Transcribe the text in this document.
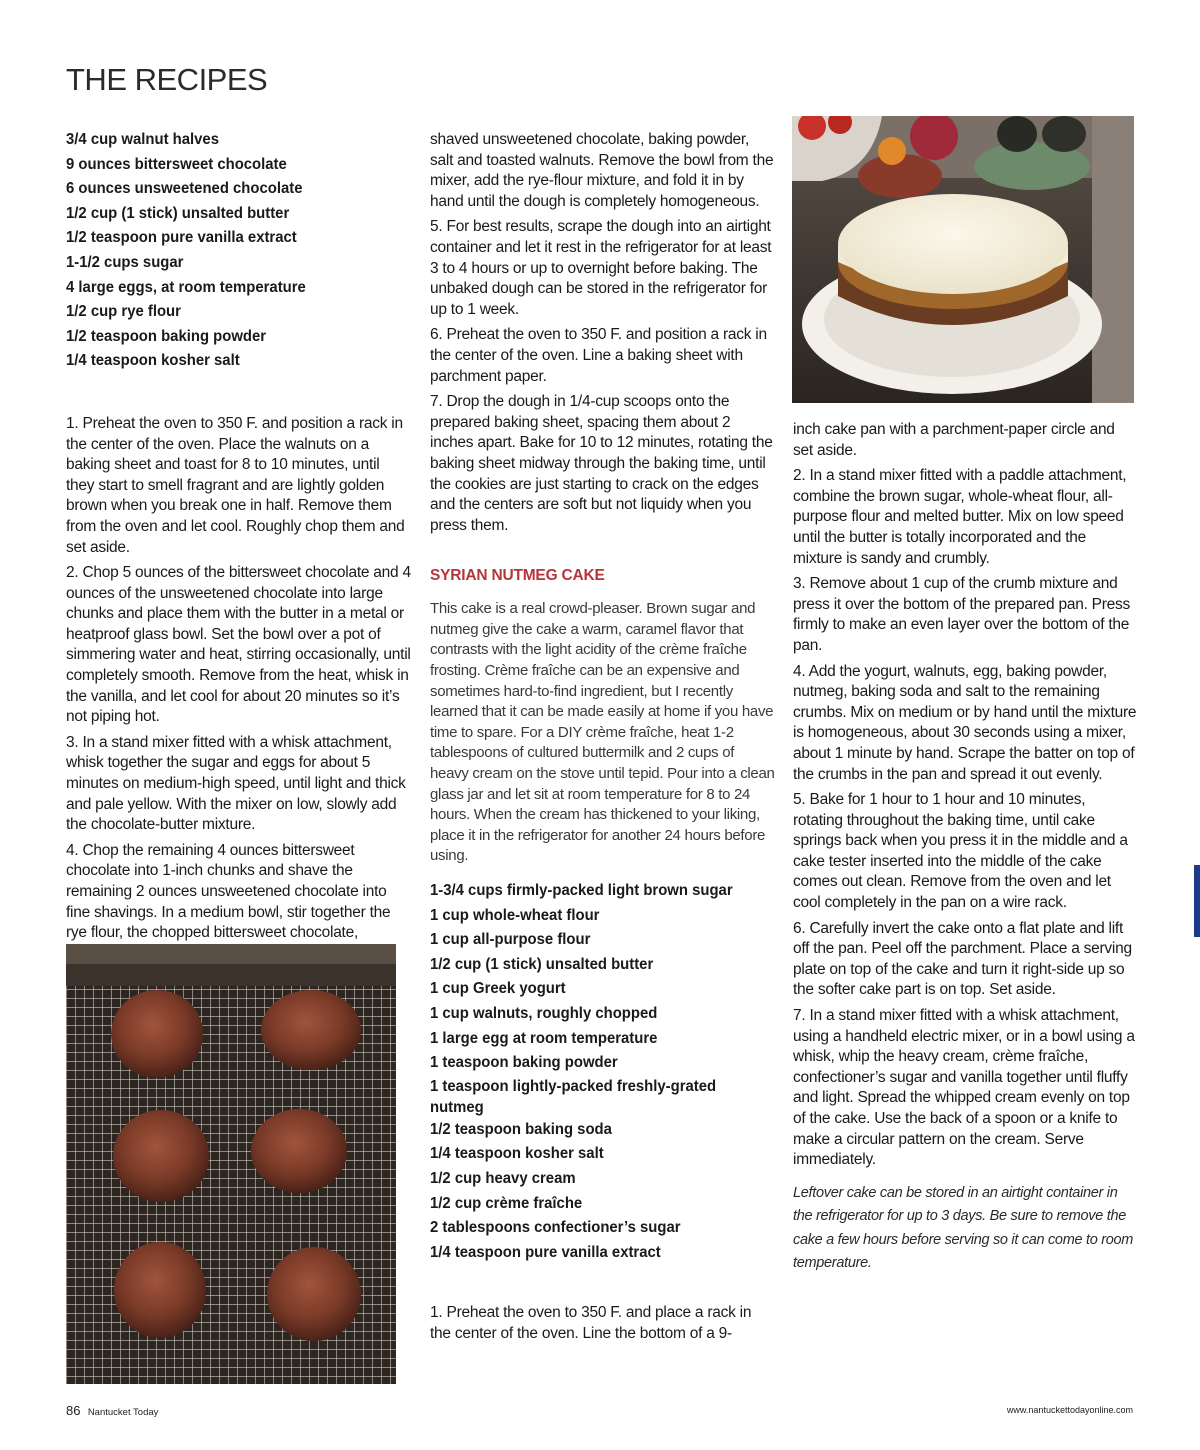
THE RECIPES
3/4 cup walnut halves
9 ounces bittersweet chocolate
6 ounces unsweetened chocolate
1/2 cup (1 stick) unsalted butter
1/2 teaspoon pure vanilla extract
1-1/2 cups sugar
4 large eggs, at room temperature
1/2 cup rye flour
1/2 teaspoon baking powder
1/4 teaspoon kosher salt

1. Preheat the oven to 350 F. and position a rack in the center of the oven. Place the walnuts on a baking sheet and toast for 8 to 10 minutes, until they start to smell fragrant and are lightly golden brown when you break one in half. Remove them from the oven and let cool. Roughly chop them and set aside.

2. Chop 5 ounces of the bittersweet chocolate and 4 ounces of the unsweetened chocolate into large chunks and place them with the butter in a metal or heatproof glass bowl. Set the bowl over a pot of simmering water and heat, stirring occasionally, until completely smooth. Remove from the heat, whisk in the vanilla, and let cool for about 20 minutes so it’s not piping hot.

3. In a stand mixer fitted with a whisk attachment, whisk together the sugar and eggs for about 5 minutes on medium-high speed, until light and thick and pale yellow. With the mixer on low, slowly add the chocolate-butter mixture.

4. Chop the remaining 4 ounces bittersweet chocolate into 1-inch chunks and shave the remaining 2 ounces unsweetened chocolate into fine shavings. In a medium bowl, stir together the rye flour, the chopped bittersweet chocolate,

shaved unsweetened chocolate, baking powder, salt and toasted walnuts. Remove the bowl from the mixer, add the rye-flour mixture, and fold it in by hand until the dough is completely homogeneous.

5. For best results, scrape the dough into an airtight container and let it rest in the refrigerator for at least 3 to 4 hours or up to overnight before baking. The unbaked dough can be stored in the refrigerator for up to 1 week.

6. Preheat the oven to 350 F. and position a rack in the center of the oven. Line a baking sheet with parchment paper.

7. Drop the dough in 1/4-cup scoops onto the prepared baking sheet, spacing them about 2 inches apart. Bake for 10 to 12 minutes, rotating the baking sheet midway through the baking time, until the cookies are just starting to crack on the edges and the centers are soft but not liquidy when you press them.

SYRIAN NUTMEG CAKE

This cake is a real crowd-pleaser. Brown sugar and nutmeg give the cake a warm, caramel flavor that contrasts with the light acidity of the crème fraîche frosting. Crème fraîche can be an expensive and sometimes hard-to-find ingredient, but I recently learned that it can be made easily at home if you have time to spare. For a DIY crème fraîche, heat 1-2 tablespoons of cultured buttermilk and 2 cups of heavy cream on the stove until tepid. Pour into a clean glass jar and let sit at room temperature for 8 to 24 hours. When the cream has thickened to your liking, place it in the refrigerator for another 24 hours before using.

1-3/4 cups firmly-packed light brown sugar
1 cup whole-wheat flour
1 cup all-purpose flour
1/2 cup (1 stick) unsalted butter
1 cup Greek yogurt
1 cup walnuts, roughly chopped
1 large egg at room temperature
1 teaspoon baking powder
1 teaspoon lightly-packed freshly-grated nutmeg
1/2 teaspoon baking soda
1/4 teaspoon kosher salt
1/2 cup heavy cream
1/2 cup crème fraîche
2 tablespoons confectioner’s sugar
1/4 teaspoon pure vanilla extract

1. Preheat the oven to 350 F. and place a rack in the center of the oven. Line the bottom of a 9-

inch cake pan with a parchment-paper circle and set aside.

2. In a stand mixer fitted with a paddle attachment, combine the brown sugar, whole-wheat flour, all-purpose flour and melted butter. Mix on low speed until the butter is totally incorporated and the mixture is sandy and crumbly.

3. Remove about 1 cup of the crumb mixture and press it over the bottom of the prepared pan. Press firmly to make an even layer over the bottom of the pan.

4. Add the yogurt, walnuts, egg, baking powder, nutmeg, baking soda and salt to the remaining crumbs. Mix on medium or by hand until the mixture is homogeneous, about 30 seconds using a mixer, about 1 minute by hand. Scrape the batter on top of the crumbs in the pan and spread it out evenly.

5. Bake for 1 hour to 1 hour and 10 minutes, rotating throughout the baking time, until cake springs back when you press it in the middle and a cake tester inserted into the middle of the cake comes out clean. Remove from the oven and let cool completely in the pan on a wire rack.

6. Carefully invert the cake onto a flat plate and lift off the pan. Peel off the parchment. Place a serving plate on top of the cake and turn it right-side up so the softer cake part is on top. Set aside.

7. In a stand mixer fitted with a whisk attachment, using a handheld electric mixer, or in a bowl using a whisk, whip the heavy cream, crème fraîche, confectioner’s sugar and vanilla together until fluffy and light. Spread the whipped cream evenly on top of the cake. Use the back of a spoon or a knife to make a circular pattern on the cream. Serve immediately.

Leftover cake can be stored in an airtight container in the refrigerator for up to 3 days. Be sure to remove the cake a few hours before serving so it can come to room temperature.

86 Nantucket Today	www.nantuckettodayonline.com
